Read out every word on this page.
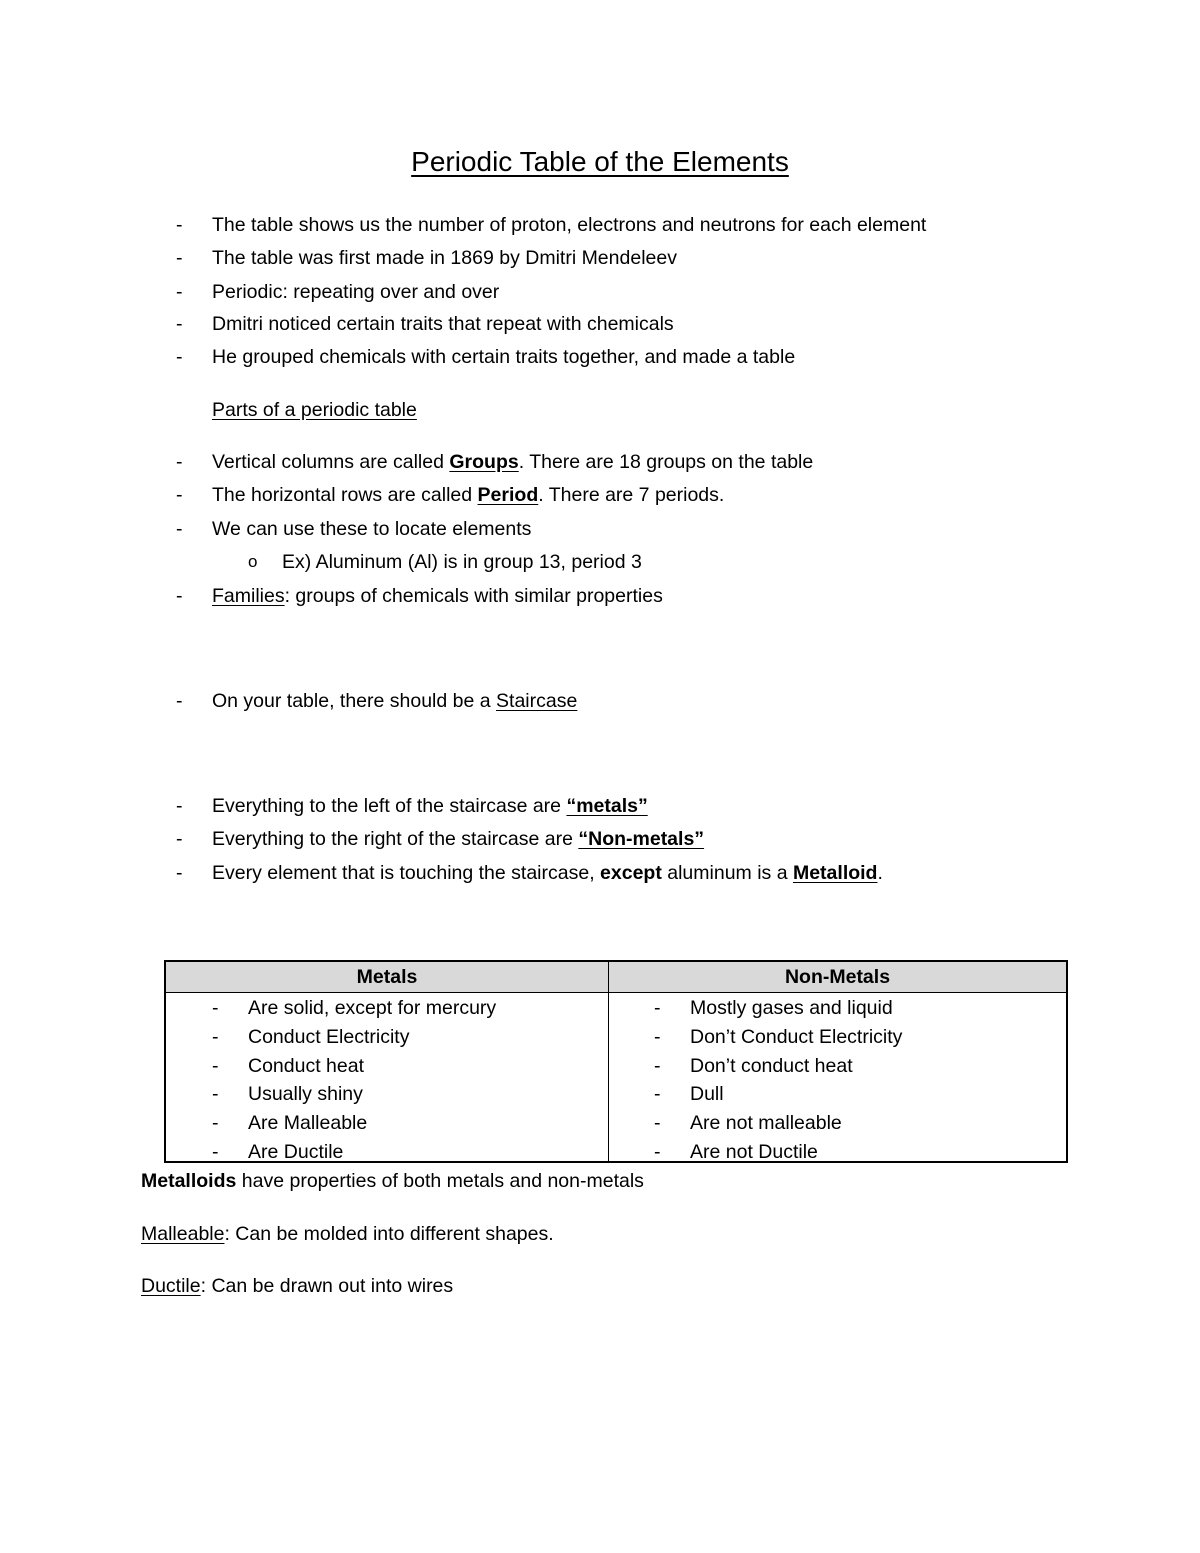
Periodic Table of the Elements
- The table shows us the number of proton, electrons and neutrons for each element
- The table was first made in 1869 by Dmitri Mendeleev
- Periodic: repeating over and over
- Dmitri noticed certain traits that repeat with chemicals
- He grouped chemicals with certain traits together, and made a table
Parts of a periodic table
- Vertical columns are called Groups. There are 18 groups on the table
- The horizontal rows are called Period. There are 7 periods.
- We can use these to locate elements
o Ex) Aluminum (Al) is in group 13, period 3
- Families: groups of chemicals with similar properties
- On your table, there should be a Staircase
- Everything to the left of the staircase are “metals”
- Everything to the right of the staircase are “Non-metals”
- Every element that is touching the staircase, except aluminum is a Metalloid.
Metals	Non-Metals
- Are solid, except for mercury
- Conduct Electricity
- Conduct heat
- Usually shiny
- Are Malleable
- Are Ductile
- Mostly gases and liquid
- Don’t Conduct Electricity
- Don’t conduct heat
- Dull
- Are not malleable
- Are not Ductile
Metalloids have properties of both metals and non-metals
Malleable: Can be molded into different shapes.
Ductile: Can be drawn out into wires
